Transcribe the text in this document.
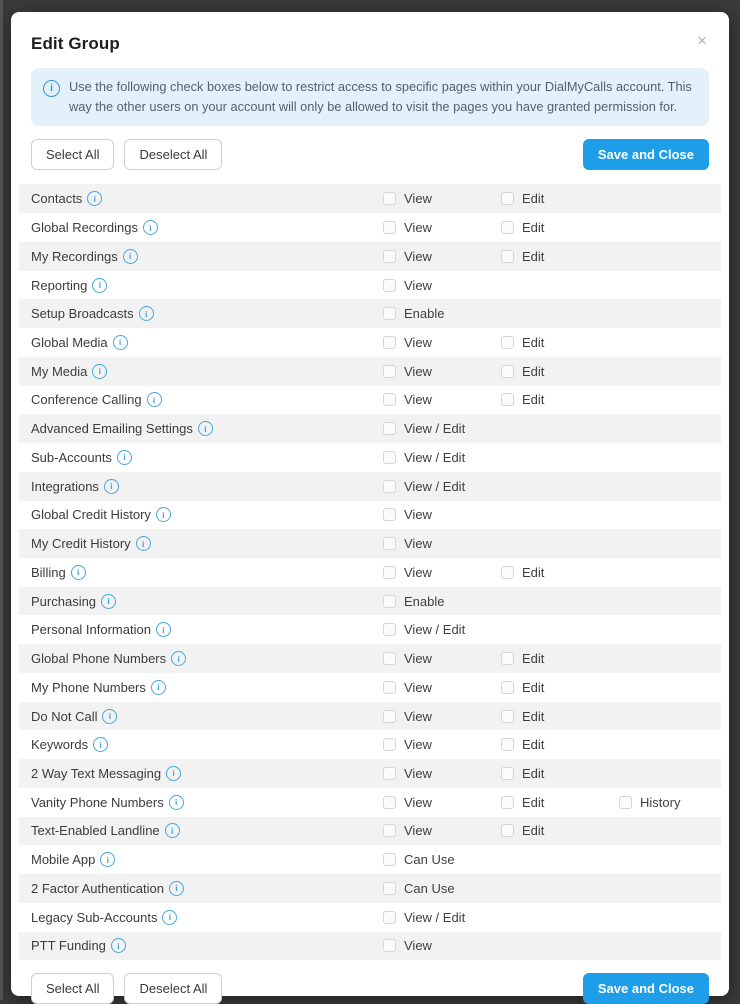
Edit Group	×
i	Use the following check boxes below to restrict access to specific pages within your DialMyCalls account. This way the other users on your account will only be allowed to visit the pages you have granted permission for.
Select All	Deselect All	Save and Close
Contacts	i	View	Edit
Global Recordings	i	View	Edit
My Recordings	i	View	Edit
Reporting	i	View
Setup Broadcasts	i	Enable
Global Media	i	View	Edit
My Media	i	View	Edit
Conference Calling	i	View	Edit
Advanced Emailing Settings	i	View / Edit
Sub-Accounts	i	View / Edit
Integrations	i	View / Edit
Global Credit History	i	View
My Credit History	i	View
Billing	i	View	Edit
Purchasing	i	Enable
Personal Information	i	View / Edit
Global Phone Numbers	i	View	Edit
My Phone Numbers	i	View	Edit
Do Not Call	i	View	Edit
Keywords	i	View	Edit
2 Way Text Messaging	i	View	Edit
Vanity Phone Numbers	i	View	Edit	History
Text-Enabled Landline	i	View	Edit
Mobile App	i	Can Use
2 Factor Authentication	i	Can Use
Legacy Sub-Accounts	i	View / Edit
PTT Funding	i	View
Select All	Deselect All	Save and Close
